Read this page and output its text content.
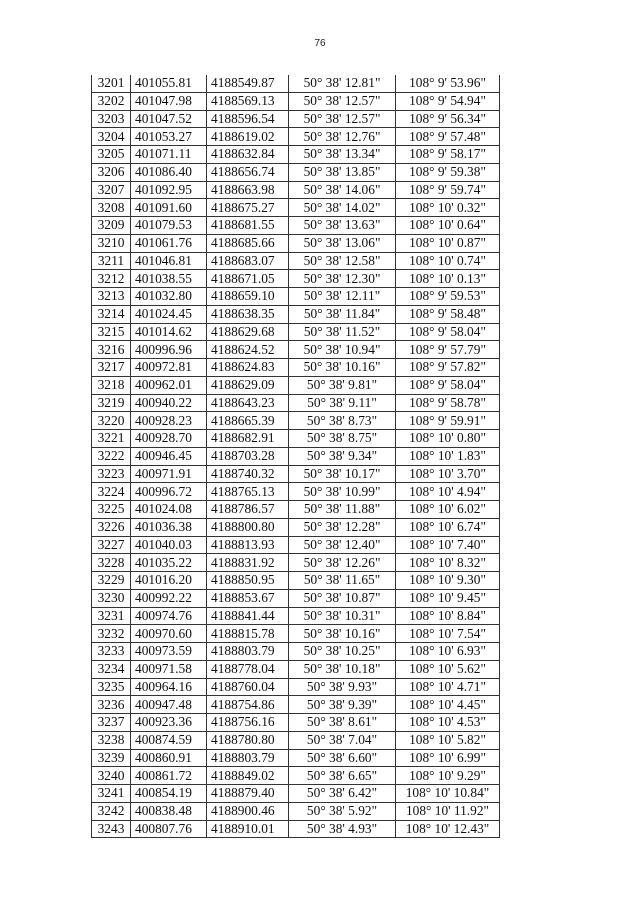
76
3201	401055.81	4188549.87	50° 38' 12.81"	108° 9' 53.96"
3202	401047.98	4188569.13	50° 38' 12.57"	108° 9' 54.94"
3203	401047.52	4188596.54	50° 38' 12.57"	108° 9' 56.34"
3204	401053.27	4188619.02	50° 38' 12.76"	108° 9' 57.48"
3205	401071.11	4188632.84	50° 38' 13.34"	108° 9' 58.17"
3206	401086.40	4188656.74	50° 38' 13.85"	108° 9' 59.38"
3207	401092.95	4188663.98	50° 38' 14.06"	108° 9' 59.74"
3208	401091.60	4188675.27	50° 38' 14.02"	108° 10' 0.32"
3209	401079.53	4188681.55	50° 38' 13.63"	108° 10' 0.64"
3210	401061.76	4188685.66	50° 38' 13.06"	108° 10' 0.87"
3211	401046.81	4188683.07	50° 38' 12.58"	108° 10' 0.74"
3212	401038.55	4188671.05	50° 38' 12.30"	108° 10' 0.13"
3213	401032.80	4188659.10	50° 38' 12.11"	108° 9' 59.53"
3214	401024.45	4188638.35	50° 38' 11.84"	108° 9' 58.48"
3215	401014.62	4188629.68	50° 38' 11.52"	108° 9' 58.04"
3216	400996.96	4188624.52	50° 38' 10.94"	108° 9' 57.79"
3217	400972.81	4188624.83	50° 38' 10.16"	108° 9' 57.82"
3218	400962.01	4188629.09	50° 38' 9.81"	108° 9' 58.04"
3219	400940.22	4188643.23	50° 38' 9.11"	108° 9' 58.78"
3220	400928.23	4188665.39	50° 38' 8.73"	108° 9' 59.91"
3221	400928.70	4188682.91	50° 38' 8.75"	108° 10' 0.80"
3222	400946.45	4188703.28	50° 38' 9.34"	108° 10' 1.83"
3223	400971.91	4188740.32	50° 38' 10.17"	108° 10' 3.70"
3224	400996.72	4188765.13	50° 38' 10.99"	108° 10' 4.94"
3225	401024.08	4188786.57	50° 38' 11.88"	108° 10' 6.02"
3226	401036.38	4188800.80	50° 38' 12.28"	108° 10' 6.74"
3227	401040.03	4188813.93	50° 38' 12.40"	108° 10' 7.40"
3228	401035.22	4188831.92	50° 38' 12.26"	108° 10' 8.32"
3229	401016.20	4188850.95	50° 38' 11.65"	108° 10' 9.30"
3230	400992.22	4188853.67	50° 38' 10.87"	108° 10' 9.45"
3231	400974.76	4188841.44	50° 38' 10.31"	108° 10' 8.84"
3232	400970.60	4188815.78	50° 38' 10.16"	108° 10' 7.54"
3233	400973.59	4188803.79	50° 38' 10.25"	108° 10' 6.93"
3234	400971.58	4188778.04	50° 38' 10.18"	108° 10' 5.62"
3235	400964.16	4188760.04	50° 38' 9.93"	108° 10' 4.71"
3236	400947.48	4188754.86	50° 38' 9.39"	108° 10' 4.45"
3237	400923.36	4188756.16	50° 38' 8.61"	108° 10' 4.53"
3238	400874.59	4188780.80	50° 38' 7.04"	108° 10' 5.82"
3239	400860.91	4188803.79	50° 38' 6.60"	108° 10' 6.99"
3240	400861.72	4188849.02	50° 38' 6.65"	108° 10' 9.29"
3241	400854.19	4188879.40	50° 38' 6.42"	108° 10' 10.84"
3242	400838.48	4188900.46	50° 38' 5.92"	108° 10' 11.92"
3243	400807.76	4188910.01	50° 38' 4.93"	108° 10' 12.43"
